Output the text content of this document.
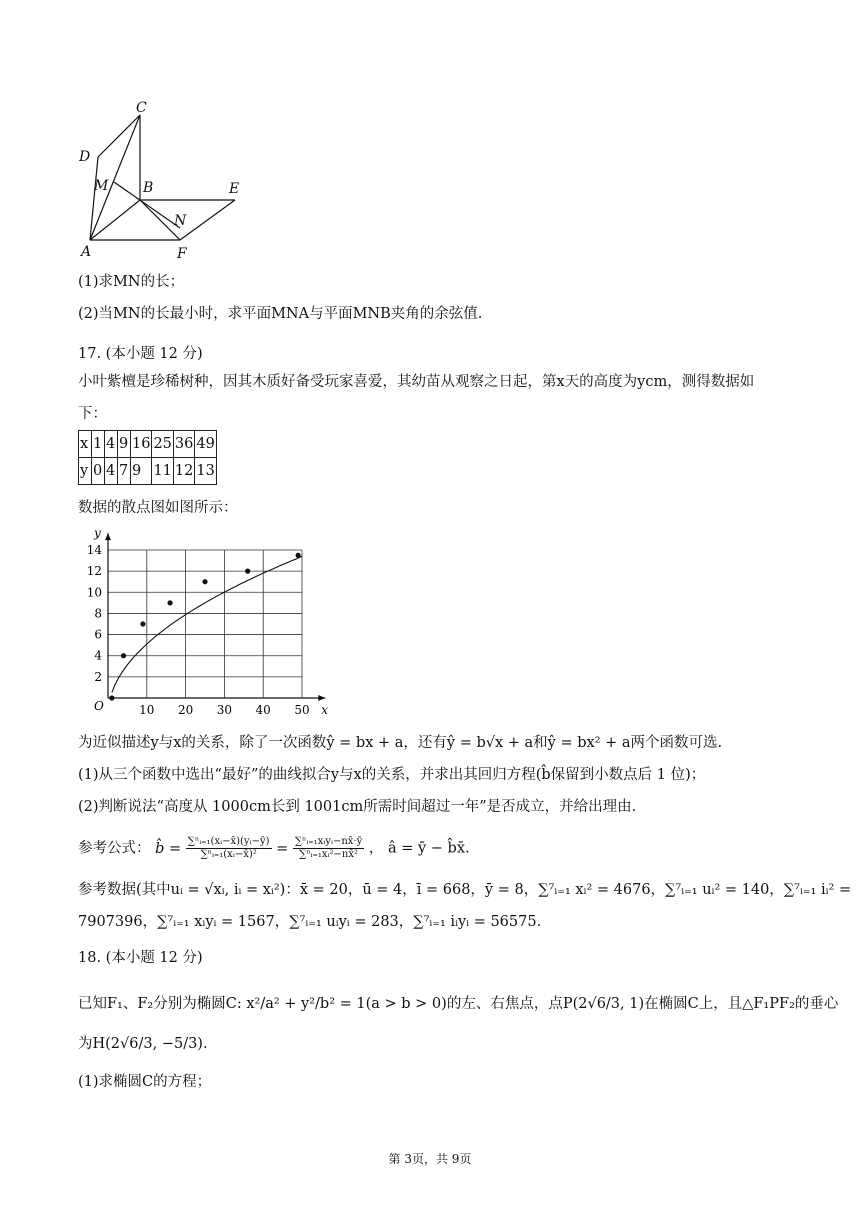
C
D
M B	E
N
A	F
(1)求MN的长；
(2)当MN的长最小时，求平面MNA与平面MNB夹角的余弦值.
17. (本小题 12 分)
小叶紫檀是珍稀树种，因其木质好备受玩家喜爱，其幼苗从观察之日起，第x天的高度为ycm，测得数据如
下：
x	1	4	9	16	25	36	49
y	0	4	7	9	11	12	13
数据的散点图如图所示：
10 20 30 40 50
2
4
6
8
10
12
14
x
y
O
为近似描述y与x的关系，除了一次函数ŷ = bx + a，还有ŷ = b√x + a和ŷ = bx² + a两个函数可选.
(1)从三个函数中选出“最好”的曲线拟合y与x的关系，并求出其回归方程(b̂保留到小数点后 1 位)；
(2)判断说法“高度从 1000cm长到 1001cm所需时间超过一年”是否成立，并给出理由.
参考公式： b̂ = $\frac{\text{∑ⁿᵢ₌₁(xᵢ−x̄)(yᵢ−ȳ)}}{\text{∑ⁿᵢ₌₁(xᵢ−x̄)²}} = \frac{\text{∑ⁿᵢ₌₁xᵢyᵢ−nx̄·ȳ}}{\text{∑ⁿᵢ₌₁xᵢ²−nx̄²}}$ ， â = ȳ − b̂x̄.
参考数据(其中uᵢ = √xᵢ, iᵢ = xᵢ²)：x̄ = 20，ū = 4，ī = 668，ȳ = 8，∑⁷ᵢ₌₁ xᵢ² = 4676，∑⁷ᵢ₌₁ uᵢ² = 140，∑⁷ᵢ₌₁ iᵢ² =
7907396，∑⁷ᵢ₌₁ xᵢyᵢ = 1567，∑⁷ᵢ₌₁ uᵢyᵢ = 283，∑⁷ᵢ₌₁ iᵢyᵢ = 56575.
18. (本小题 12 分)
已知F₁、F₂分别为椭圆C: x²/a² + y²/b² = 1(a > b > 0)的左、右焦点，点P(2√6/3, 1)在椭圆C上，且△F₁PF₂的垂心
为H(2√6/3, −5/3).
(1)求椭圆C的方程；
第 3页，共 9页
